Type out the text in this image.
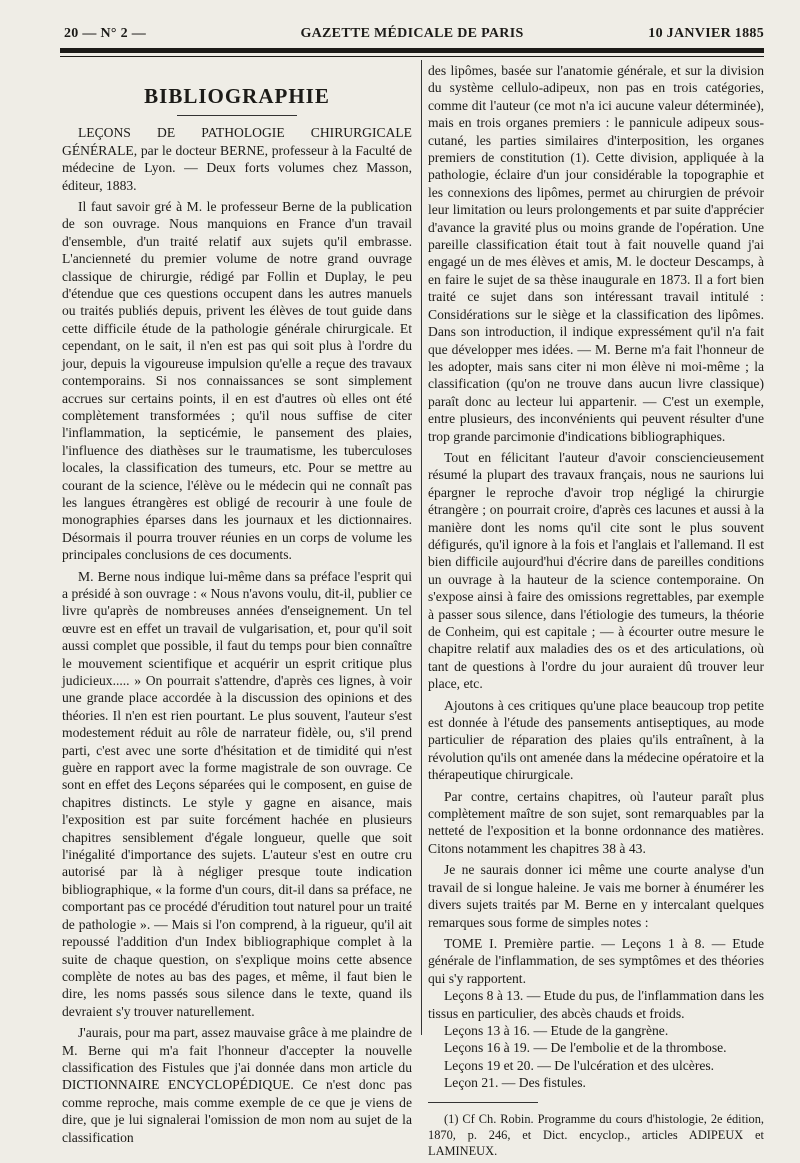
20 — N° 2 —	GAZETTE MÉDICALE DE PARIS	10 JANVIER 1885
BIBLIOGRAPHIE

LEÇONS DE PATHOLOGIE CHIRURGICALE GÉNÉRALE, par le docteur BERNE, professeur à la Faculté de médecine de Lyon. — Deux forts volumes chez Masson, éditeur, 1883.

Il faut savoir gré à M. le professeur Berne de la publication de son ouvrage. Nous manquions en France d'un travail d'ensemble, d'un traité relatif aux sujets qu'il embrasse. L'ancienneté du premier volume de notre grand ouvrage classique de chirurgie, rédigé par Follin et Duplay, le peu d'étendue que ces questions occupent dans les autres manuels ou traités publiés depuis, privent les élèves de tout guide dans cette difficile étude de la pathologie générale chirurgicale. Et cependant, on le sait, il n'en est pas qui soit plus à l'ordre du jour, depuis la vigoureuse impulsion qu'elle a reçue des travaux contemporains. Si nos connaissances se sont simplement accrues sur certains points, il en est d'autres où elles ont été complètement transformées ; qu'il nous suffise de citer l'inflammation, la septicémie, le pansement des plaies, l'influence des diathèses sur le traumatisme, les tuberculoses locales, la classification des tumeurs, etc. Pour se mettre au courant de la science, l'élève ou le médecin qui ne connaît pas les langues étrangères est obligé de recourir à une foule de monographies éparses dans les journaux et les dictionnaires. Désormais il pourra trouver réunies en un corps de volume les principales conclusions de ces documents.

M. Berne nous indique lui-même dans sa préface l'esprit qui a présidé à son ouvrage : « Nous n'avons voulu, dit-il, publier ce livre qu'après de nombreuses années d'enseignement. Un tel œuvre est en effet un travail de vulgarisation, et, pour qu'il soit aussi complet que possible, il faut du temps pour bien connaître le mouvement scientifique et acquérir un esprit critique plus judicieux..... » On pourrait s'attendre, d'après ces lignes, à voir une grande place accordée à la discussion des opinions et des théories. Il n'en est rien pourtant. Le plus souvent, l'auteur s'est modestement réduit au rôle de narrateur fidèle, ou, s'il prend parti, c'est avec une sorte d'hésitation et de timidité qui n'est guère en rapport avec la forme magistrale de son ouvrage. Ce sont en effet des Leçons séparées qui le composent, en guise de chapitres distincts. Le style y gagne en aisance, mais l'exposition est par suite forcément hachée en plusieurs chapitres sensiblement d'égale longueur, quelle que soit l'inégalité d'importance des sujets. L'auteur s'est en outre cru autorisé par là à négliger presque toute indication bibliographique, « la forme d'un cours, dit-il dans sa préface, ne comportant pas ce procédé d'érudition tout naturel pour un traité de pathologie ». — Mais si l'on comprend, à la rigueur, qu'il ait repoussé l'addition d'un Index bibliographique complet à la suite de chaque question, on s'explique moins cette absence complète de notes au bas des pages, et même, il faut bien le dire, les noms passés sous silence dans le texte, quand ils devraient s'y trouver naturellement.

J'aurais, pour ma part, assez mauvaise grâce à me plaindre de M. Berne qui m'a fait l'honneur d'accepter la nouvelle classification des Fistules que j'ai donnée dans mon article du DICTIONNAIRE ENCYCLOPÉDIQUE. Ce n'est donc pas comme reproche, mais comme exemple de ce que je viens de dire, que je lui signalerai l'omission de mon nom au sujet de la classification

des lipômes, basée sur l'anatomie générale, et sur la division du système cellulo-adipeux, non pas en trois catégories, comme dit l'auteur (ce mot n'a ici aucune valeur déterminée), mais en trois organes premiers : le pannicule adipeux sous-cutané, les parties similaires d'interposition, les organes premiers de constitution (1). Cette division, appliquée à la pathologie, éclaire d'un jour considérable la topographie et les connexions des lipômes, permet au chirurgien de prévoir leur limitation ou leurs prolongements et par suite d'apprécier d'avance la gravité plus ou moins grande de l'opération. Une pareille classification était tout à fait nouvelle quand j'ai engagé un de mes élèves et amis, M. le docteur Descamps, à en faire le sujet de sa thèse inaugurale en 1873. Il a fort bien traité ce sujet dans son intéressant travail intitulé : Considérations sur le siège et la classification des lipômes. Dans son introduction, il indique expressément qu'il n'a fait que développer mes idées. — M. Berne m'a fait l'honneur de les adopter, mais sans citer ni mon élève ni moi-même ; la classification (qu'on ne trouve dans aucun livre classique) paraît donc au lecteur lui appartenir. — C'est un exemple, entre plusieurs, des inconvénients qui peuvent résulter d'une trop grande parcimonie d'indications bibliographiques.

Tout en félicitant l'auteur d'avoir consciencieusement résumé la plupart des travaux français, nous ne saurions lui épargner le reproche d'avoir trop négligé la chirurgie étrangère ; on pourrait croire, d'après ces lacunes et aussi à la manière dont les noms qu'il cite sont le plus souvent défigurés, qu'il ignore à la fois et l'anglais et l'allemand. Il est bien difficile aujourd'hui d'écrire dans de pareilles conditions un ouvrage à la hauteur de la science contemporaine. On s'expose ainsi à faire des omissions regrettables, par exemple à passer sous silence, dans l'étiologie des tumeurs, la théorie de Conheim, qui est capitale ; — à écourter outre mesure le chapitre relatif aux maladies des os et des articulations, où tant de questions à l'ordre du jour auraient dû trouver leur place, etc.

Ajoutons à ces critiques qu'une place beaucoup trop petite est donnée à l'étude des pansements antiseptiques, au mode particulier de réparation des plaies qu'ils entraînent, à la révolution qu'ils ont amenée dans la médecine opératoire et la thérapeutique chirurgicale.

Par contre, certains chapitres, où l'auteur paraît plus complètement maître de son sujet, sont remarquables par la netteté de l'exposition et la bonne ordonnance des matières. Citons notamment les chapitres 38 à 43.

Je ne saurais donner ici même une courte analyse d'un travail de si longue haleine. Je vais me borner à énumérer les divers sujets traités par M. Berne en y intercalant quelques remarques sous forme de simples notes :

TOME I. Première partie. — Leçons 1 à 8. — Etude générale de l'inflammation, de ses symptômes et des théories qui s'y rapportent.
Leçons 8 à 13. — Etude du pus, de l'inflammation dans les tissus en particulier, des abcès chauds et froids.
Leçons 13 à 16. — Etude de la gangrène.
Leçons 16 à 19. — De l'embolie et de la thrombose.
Leçons 19 et 20. — De l'ulcération et des ulcères.
Leçon 21. — Des fistules.

(1) Cf Ch. Robin. Programme du cours d'histologie, 2e édition, 1870, p. 246, et Dict. encyclop., articles ADIPEUX et LAMINEUX.
